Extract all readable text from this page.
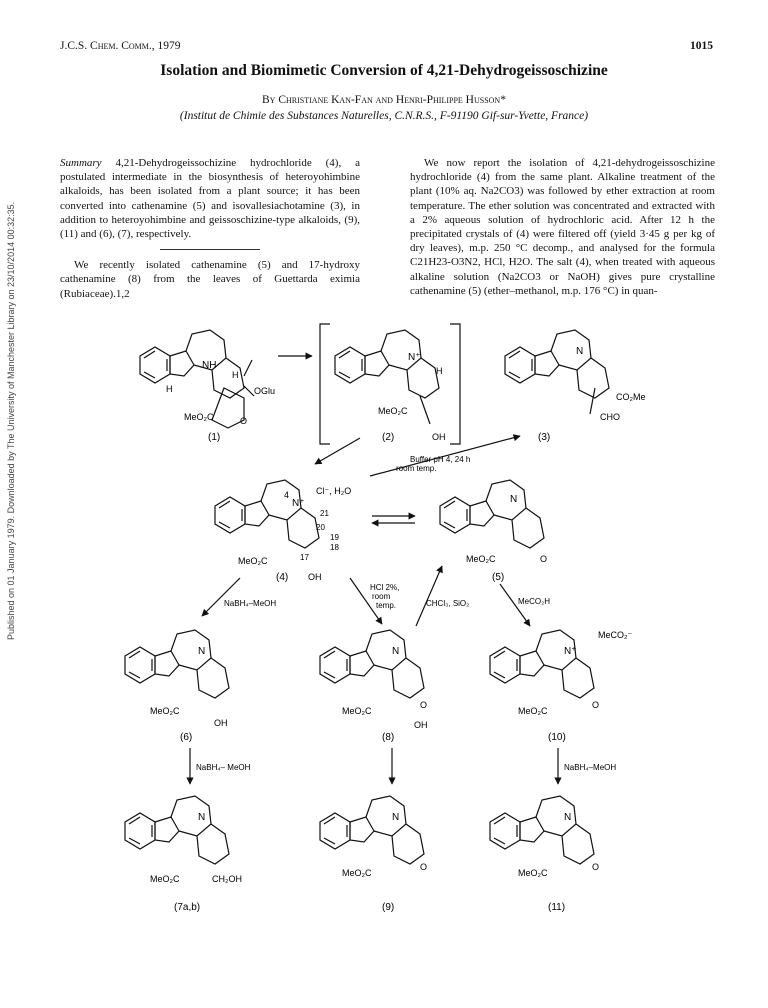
Published on 01 January 1979. Downloaded by The University of Manchester Library on 23/10/2014 00:32:35.
J.C.S. Chem. Comm., 1979	1015
Isolation and Biomimetic Conversion of 4,21-Dehydrogeissoschizine
By Christiane Kan-Fan and Henri-Philippe Husson*
(Institut de Chimie des Substances Naturelles, C.N.R.S., F-91190 Gif-sur-Yvette, France)
Summary 4,21-Dehydrogeissochizine hydrochloride (4), a postulated intermediate in the biosynthesis of heteroyohimbine alkaloids, has been isolated from a plant source; it has been converted into cathenamine (5) and isovallesiachotamine (3), in addition to heteroyohimbine and geissoschizine-type alkaloids, (9), (11) and (6), (7), respectively.
We recently isolated cathenamine (5) and 17-hydroxy cathenamine (8) from the leaves of Guettarda eximia (Rubiaceae).1,2
We now report the isolation of 4,21-dehydrogeissoschizine hydrochloride (4) from the same plant. Alkaline treatment of the plant (10% aq. Na2CO3) was followed by ether extraction at room temperature. The ether solution was concentrated and extracted with a 2% aqueous solution of hydrochloric acid. After 12 h the precipitated crystals of (4) were filtered off (yield 3·45 g per kg of dry leaves), m.p. 250 °C decomp., and analysed for the formula C21H23-O3N2, HCl, H2O. The salt (4), when treated with aqueous alkaline solution (Na2CO3 or NaOH) gives pure crystalline cathenamine (5) (ether–methanol, m.p. 176 °C) in quan-
NH
H	OGlu
H
MeO₂C	O
(1)
N⁺
H
MeO₂C
OH
(2)
N
CO₂Me
CHO
(3)
Buffer pH 4, 24 h
room temp.
4
N⁺
Cl⁻, H₂O
21
20
19
18
17
MeO₂C
OH
(4)
N
MeO₂C	O
(5)
NaBH₄–MeOH
HCl 2%,
room
temp.	CHCl₃, SiO₂	MeCO₂H
N
MeO₂C
OH
(6)
N
MeO₂C
O
OH
(8)
N⁺
MeCO₂⁻
MeO₂C
O
(10)
NaBH₄– MeOH	NaBH₄–MeOH
N
MeO₂C	CH₂OH
(7a,b)
N
MeO₂C
O
(9)
N
MeO₂C
O
(11)
